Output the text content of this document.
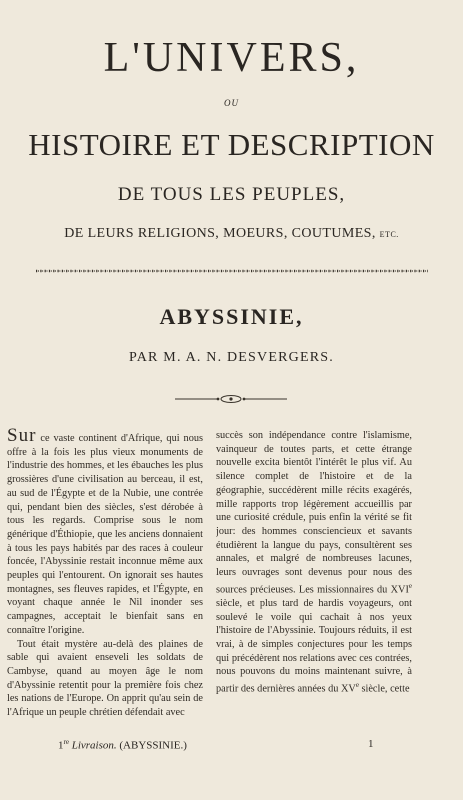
L'UNIVERS,
OU
HISTOIRE ET DESCRIPTION
DE TOUS LES PEUPLES,
DE LEURS RELIGIONS, MOEURS, COUTUMES, ETC.
ABYSSINIE,
PAR M. A. N. DESVERGERS.

Sur ce vaste continent d'Afrique, qui nous offre à la fois les plus vieux monuments de l'industrie des hommes, et les ébauches les plus grossières d'une civilisation au berceau, il est, au sud de l'Égypte et de la Nubie, une contrée qui, pendant bien des siècles, s'est dérobée à tous les regards. Comprise sous le nom générique d'Éthiopie, que les anciens donnaient à tous les pays habités par des races à couleur foncée, l'Abyssinie restait inconnue même aux peuples qui l'entourent. On ignorait ses hautes montagnes, ses fleuves rapides, et l'Égypte, en voyant chaque année le Nil inonder ses campagnes, acceptait le bienfait sans en connaître l'origine.

Tout était mystère au-delà des plaines de sable qui avaient enseveli les soldats de Cambyse, quand au moyen âge le nom d'Abyssinie retentit pour la première fois chez les nations de l'Europe. On apprit qu'au sein de l'Afrique un peuple chrétien défendait avec

succès son indépendance contre l'islamisme, vainqueur de toutes parts, et cette étrange nouvelle excita bientôt l'intérêt le plus vif. Au silence complet de l'histoire et de la géographie, succédèrent mille récits exagérés, mille rapports trop légèrement accueillis par une curiosité crédule, puis enfin la vérité se fit jour: des hommes consciencieux et savants étudièrent la langue du pays, consultèrent ses annales, et malgré de nombreuses lacunes, leurs ouvrages sont devenus pour nous des sources précieuses. Les missionnaires du XVIe siècle, et plus tard de hardis voyageurs, ont soulevé le voile qui cachait à nos yeux l'histoire de l'Abyssinie. Toujours réduits, il est vrai, à de simples conjectures pour les temps qui précédèrent nos relations avec ces contrées, nous pouvons du moins maintenant suivre, à partir des dernières années du XVe siècle, cette

1re Livraison. (ABYSSINIE.)	1
